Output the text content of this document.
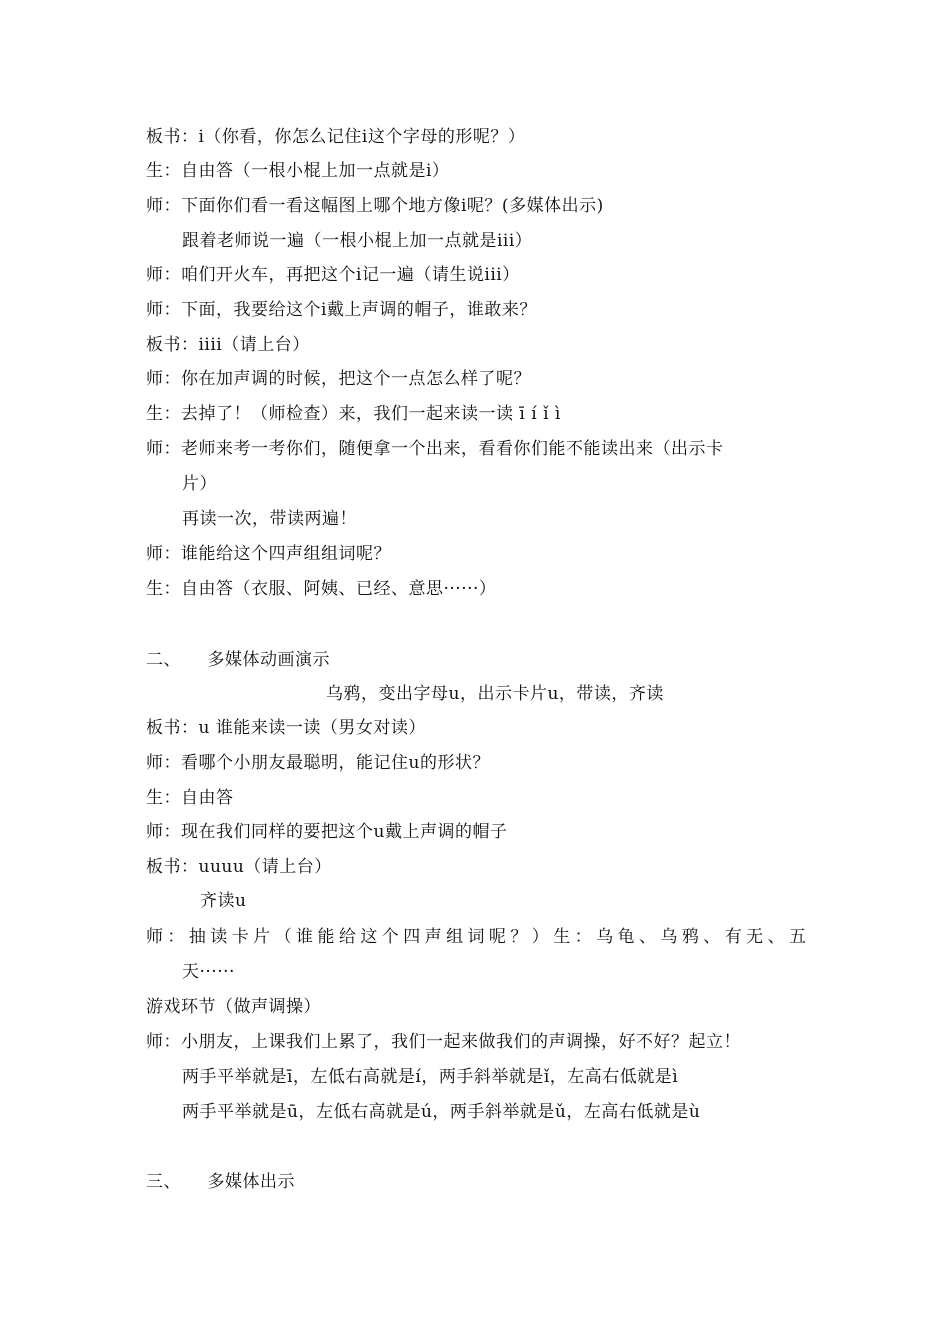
板书：i（你看，你怎么记住i这个字母的形呢？）
生：自由答（一根小棍上加一点就是i）
师：下面你们看一看这幅图上哪个地方像i呢？(多媒体出示)
跟着老师说一遍（一根小棍上加一点就是iii）
师：咱们开火车，再把这个i记一遍（请生说iii）
师：下面，我要给这个i戴上声调的帽子，谁敢来？
板书：iiii（请上台）
师：你在加声调的时候，把这个一点怎么样了呢？
生：去掉了！（师检查）来，我们一起来读一读 ī í ǐ ì
师：老师来考一考你们，随便拿一个出来，看看你们能不能读出来（出示卡
片）
再读一次，带读两遍！
师：谁能给这个四声组组词呢？
生：自由答（衣服、阿姨、已经、意思······）
二、　　多媒体动画演示
乌鸦，变出字母u，出示卡片u，带读，齐读
板书：u 谁能来读一读（男女对读）
师：看哪个小朋友最聪明，能记住u的形状？
生：自由答
师：现在我们同样的要把这个u戴上声调的帽子
板书：uuuu（请上台）
齐读u
师：抽读卡片（谁能给这个四声组词呢？）生：乌龟、乌鸦、有无、五
天······
游戏环节（做声调操）
师：小朋友，上课我们上累了，我们一起来做我们的声调操，好不好？起立！
两手平举就是ī，左低右高就是í，两手斜举就是ǐ，左高右低就是ì
两手平举就是ū，左低右高就是ú，两手斜举就是ǔ，左高右低就是ù
三、　　多媒体出示
